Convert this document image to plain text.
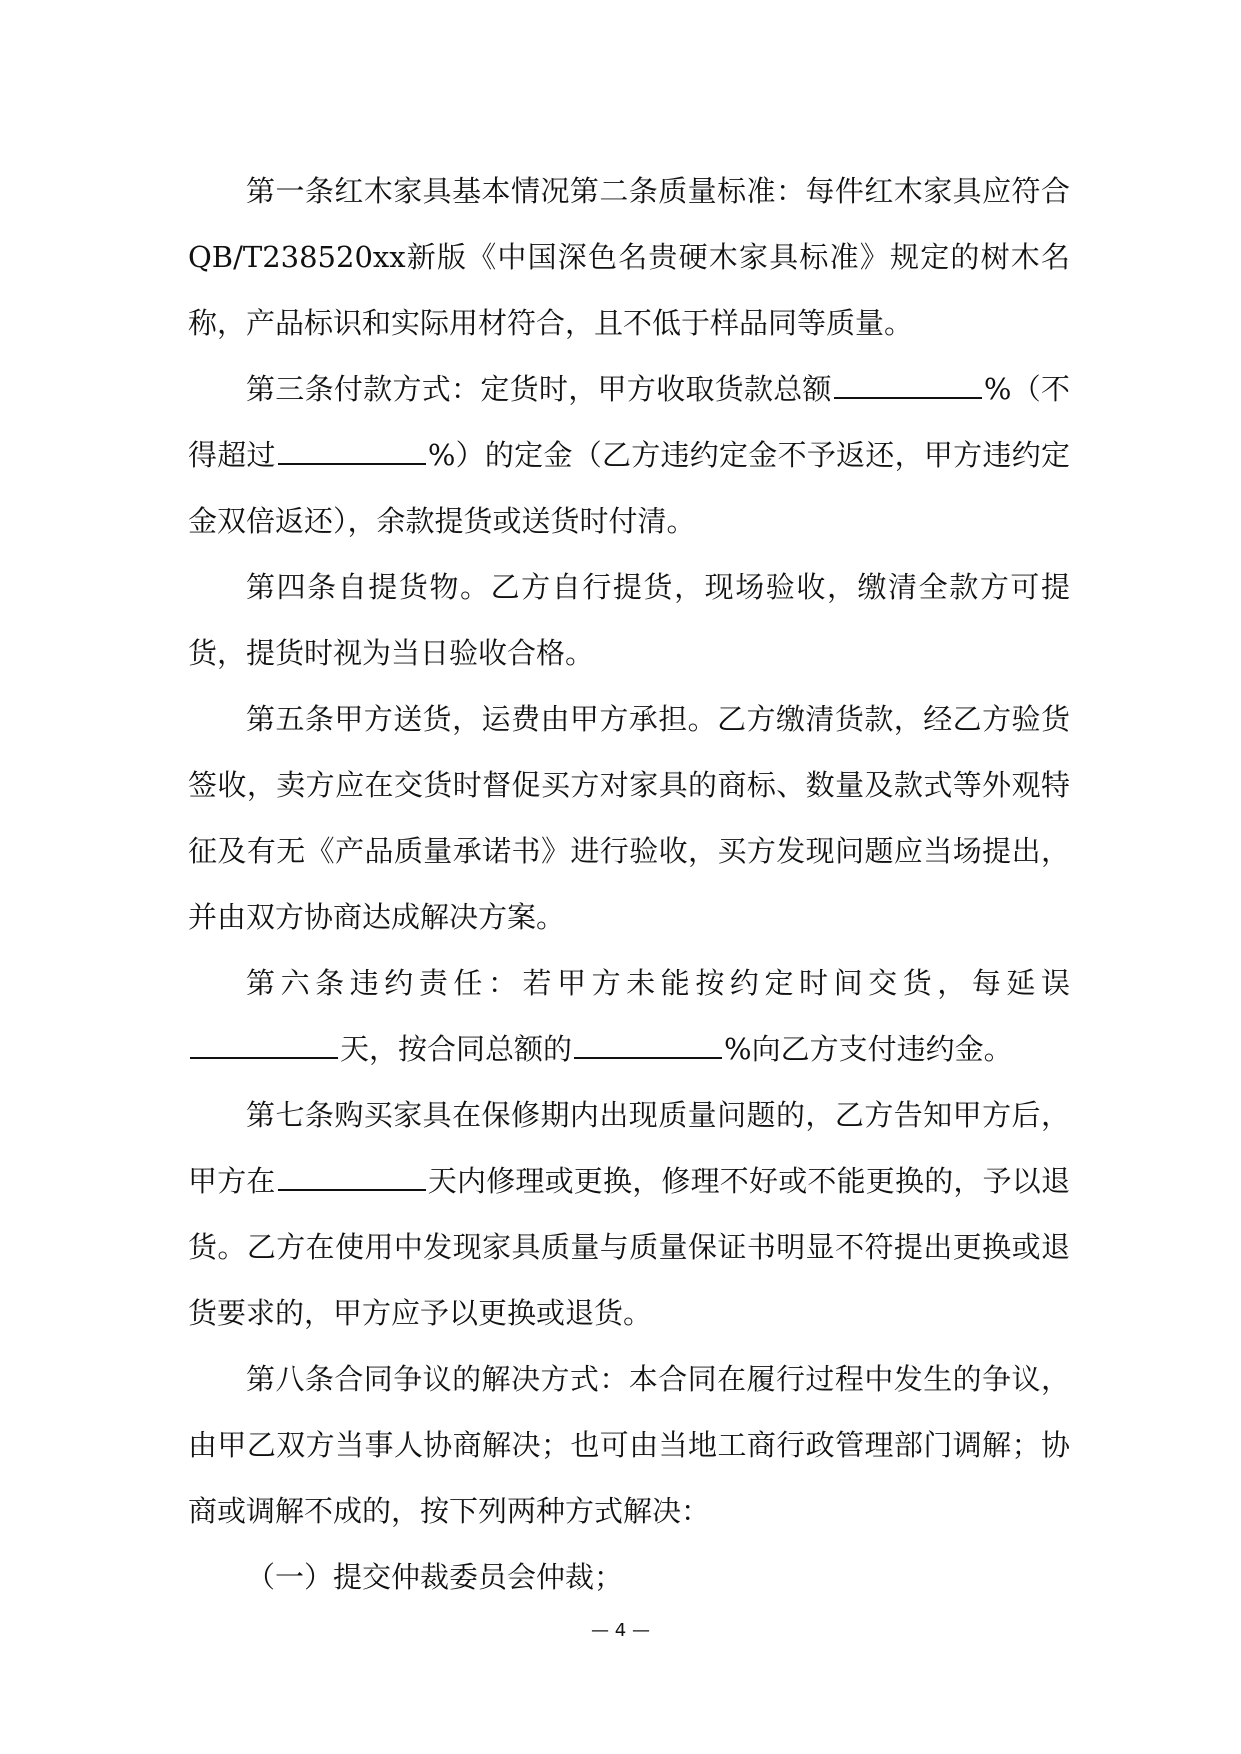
第一条红木家具基本情况第二条质量标准：每件红木家具应符合QB/T238520xx新版《中国深色名贵硬木家具标准》规定的树木名称，产品标识和实际用材符合，且不低于样品同等质量。

第三条付款方式：定货时，甲方收取货款总额	%（不得超过	%）的定金（乙方违约定金不予返还，甲方违约定金双倍返还），余款提货或送货时付清。

第四条自提货物。乙方自行提货，现场验收，缴清全款方可提货，提货时视为当日验收合格。

第五条甲方送货，运费由甲方承担。乙方缴清货款，经乙方验货签收，卖方应在交货时督促买方对家具的商标、数量及款式等外观特征及有无《产品质量承诺书》进行验收，买方发现问题应当场提出，并由双方协商达成解决方案。

第六条违约责任：若甲方未能按约定时间交货，每延误天，按合同总额的	%向乙方支付违约金。

第七条购买家具在保修期内出现质量问题的，乙方告知甲方后，甲方在	天内修理或更换，修理不好或不能更换的，予以退货。乙方在使用中发现家具质量与质量保证书明显不符提出更换或退货要求的，甲方应予以更换或退货。

第八条合同争议的解决方式：本合同在履行过程中发生的争议，由甲乙双方当事人协商解决；也可由当地工商行政管理部门调解；协商或调解不成的，按下列两种方式解决：

（一）提交仲裁委员会仲裁；

— 4 —
